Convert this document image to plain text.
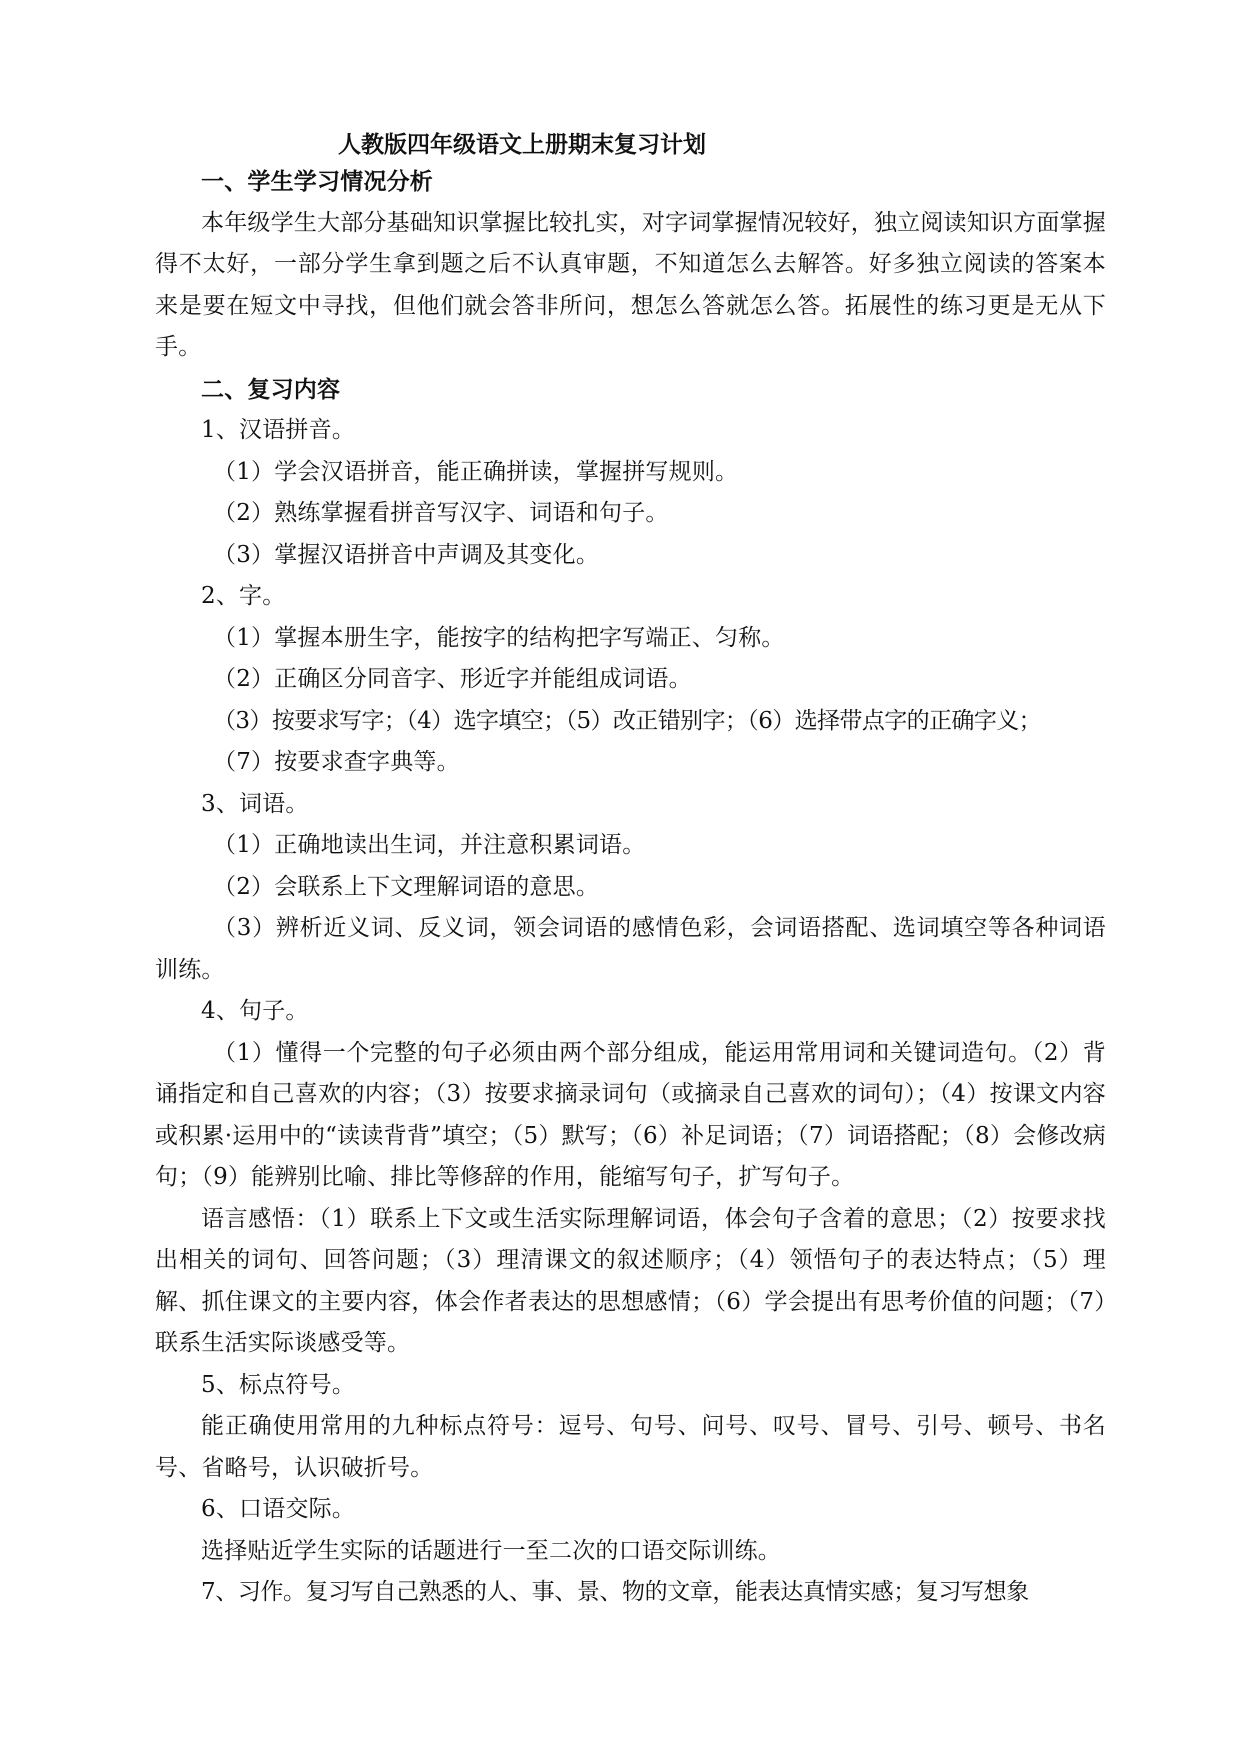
人教版四年级语文上册期末复习计划

一、学生学习情况分析

本年级学生大部分基础知识掌握比较扎实，对字词掌握情况较好，独立阅读知识方面掌握得不太好，一部分学生拿到题之后不认真审题，不知道怎么去解答。好多独立阅读的答案本来是要在短文中寻找，但他们就会答非所问，想怎么答就怎么答。拓展性的练习更是无从下手。

二、复习内容

1、汉语拼音。

（1）学会汉语拼音，能正确拼读，掌握拼写规则。

（2）熟练掌握看拼音写汉字、词语和句子。

（3）掌握汉语拼音中声调及其变化。

2、字。

（1）掌握本册生字，能按字的结构把字写端正、匀称。

（2）正确区分同音字、形近字并能组成词语。

（3）按要求写字；（4）选字填空；（5）改正错别字；（6）选择带点字的正确字义；

（7）按要求查字典等。

3、词语。

（1）正确地读出生词，并注意积累词语。

（2）会联系上下文理解词语的意思。

（3）辨析近义词、反义词，领会词语的感情色彩，会词语搭配、选词填空等各种词语训练。

4、句子。

（1）懂得一个完整的句子必须由两个部分组成，能运用常用词和关键词造句。（2）背诵指定和自己喜欢的内容；（3）按要求摘录词句（或摘录自己喜欢的词句）；（4）按课文内容或积累·运用中的“读读背背”填空；（5）默写；（6）补足词语；（7）词语搭配；（8）会修改病句；（9）能辨别比喻、排比等修辞的作用，能缩写句子，扩写句子。

语言感悟：（1）联系上下文或生活实际理解词语，体会句子含着的意思；（2）按要求找出相关的词句、回答问题；（3）理清课文的叙述顺序；（4）领悟句子的表达特点；（5）理解、抓住课文的主要内容，体会作者表达的思想感情；（6）学会提出有思考价值的问题；（7）联系生活实际谈感受等。

5、标点符号。

能正确使用常用的九种标点符号：逗号、句号、问号、叹号、冒号、引号、顿号、书名号、省略号，认识破折号。

6、口语交际。

选择贴近学生实际的话题进行一至二次的口语交际训练。

7、习作。复习写自己熟悉的人、事、景、物的文章，能表达真情实感；复习写想象
